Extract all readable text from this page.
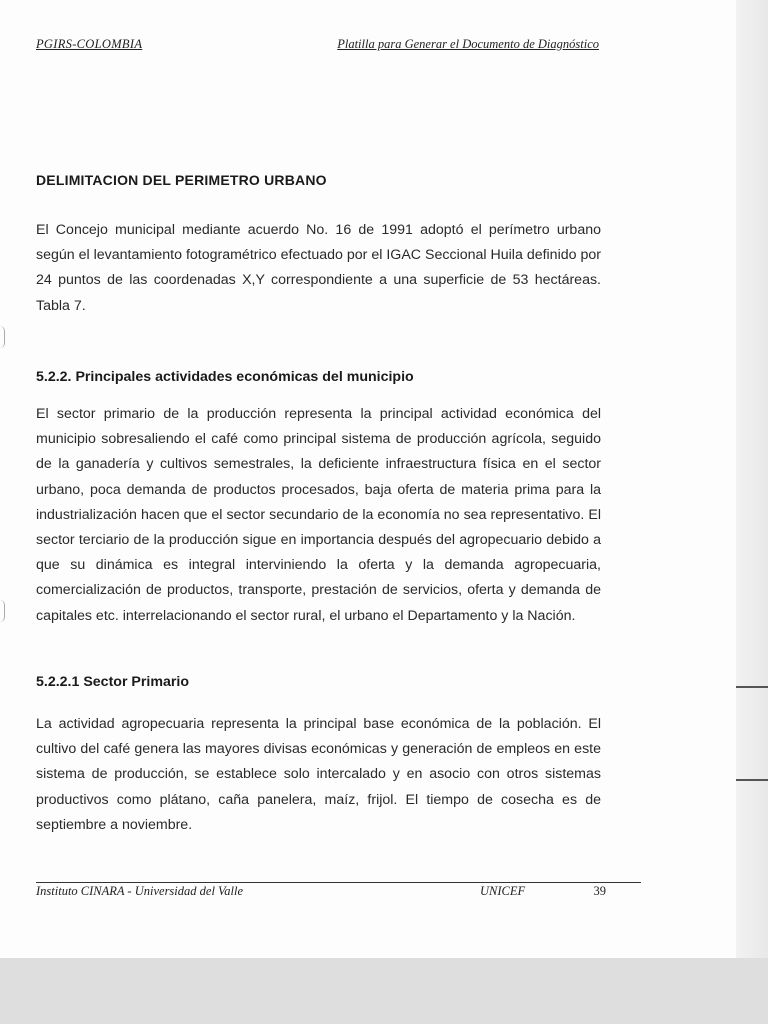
PGIRS-COLOMBIA	Platilla para Generar el Documento de Diagnóstico
DELIMITACION DEL PERIMETRO URBANO
El Concejo municipal mediante acuerdo No. 16 de 1991 adoptó el perímetro urbano según el levantamiento fotogramétrico efectuado por el IGAC Seccional Huila definido por 24 puntos de las coordenadas X,Y correspondiente a una superficie de 53 hectáreas. Tabla 7.
5.2.2. Principales actividades económicas del municipio
El sector primario de la producción representa la principal actividad económica del municipio sobresaliendo el café como principal sistema de producción agrícola, seguido de la ganadería y cultivos semestrales, la deficiente infraestructura física en el sector urbano, poca demanda de productos procesados, baja oferta de materia prima para la industrialización hacen que el sector secundario de la economía no sea representativo. El sector terciario de la producción sigue en importancia después del agropecuario debido a que su dinámica es integral interviniendo la oferta y la demanda agropecuaria, comercialización de productos, transporte, prestación de servicios, oferta y demanda de capitales etc. interrelacionando el sector rural, el urbano el Departamento y la Nación.
5.2.2.1 Sector Primario
La actividad agropecuaria representa la principal base económica de la población. El cultivo del café genera las mayores divisas económicas y generación de empleos en este sistema de producción, se establece solo intercalado y en asocio con otros sistemas productivos como plátano, caña panelera, maíz, frijol. El tiempo de cosecha es de septiembre a noviembre.
Instituto CINARA - Universidad del Valle	UNICEF	39
